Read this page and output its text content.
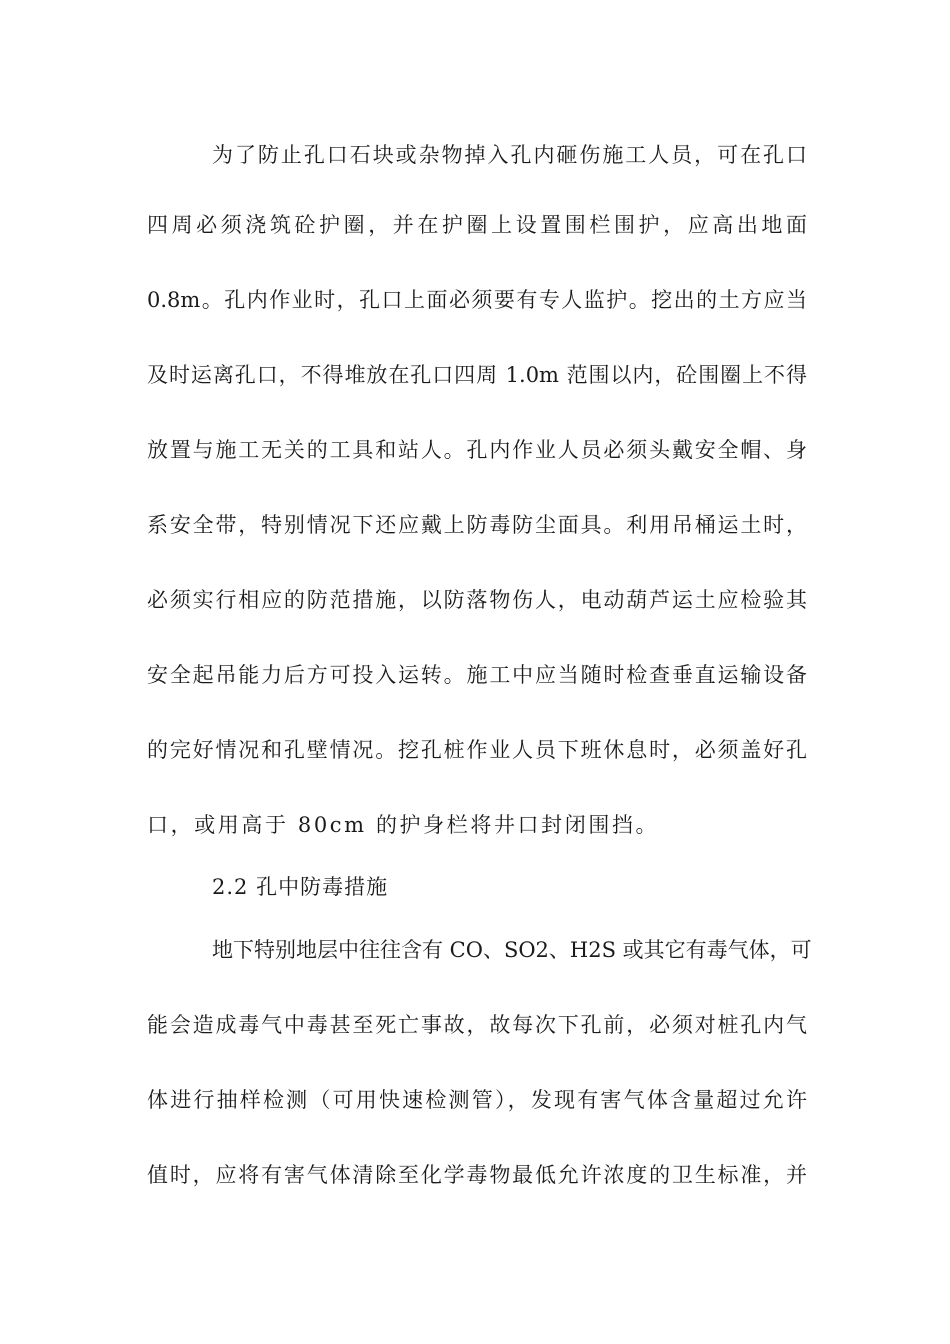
为了防止孔口石块或杂物掉入孔内砸伤施工人员，可在孔口
四周必须浇筑砼护圈，并在护圈上设置围栏围护，应高出地面
0.8m。孔内作业时，孔口上面必须要有专人监护。挖出的土方应当
及时运离孔口，不得堆放在孔口四周 1.0m 范围以内，砼围圈上不得
放置与施工无关的工具和站人。孔内作业人员必须头戴安全帽、身
系安全带，特别情况下还应戴上防毒防尘面具。利用吊桶运土时，
必须实行相应的防范措施，以防落物伤人，电动葫芦运土应检验其
安全起吊能力后方可投入运转。施工中应当随时检查垂直运输设备
的完好情况和孔壁情况。挖孔桩作业人员下班休息时，必须盖好孔
口，或用高于 80cm 的护身栏将井口封闭围挡。
2.2 孔中防毒措施
地下特别地层中往往含有 CO、SO2、H2S 或其它有毒气体，可
能会造成毒气中毒甚至死亡事故，故每次下孔前，必须对桩孔内气
体进行抽样检测（可用快速检测管），发现有害气体含量超过允许
值时，应将有害气体清除至化学毒物最低允许浓度的卫生标准，并
